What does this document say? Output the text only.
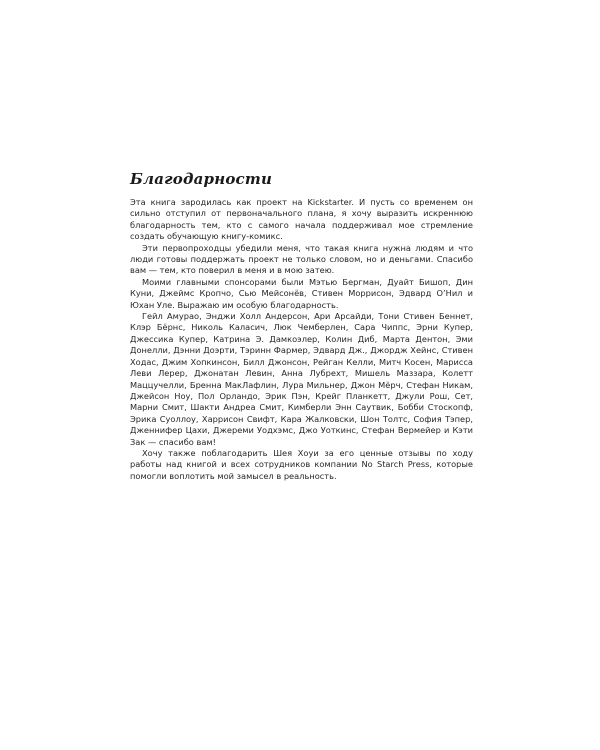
Благодарности

Эта книга зародилась как проект на Kickstarter. И пусть со временем он сильно отступил от первоначального плана, я хочу выразить искреннюю благодарность тем, кто с самого начала поддерживал мое стремление создать обучающую книгу-комикс.

Эти первопроходцы убедили меня, что такая книга нужна людям и что люди готовы поддержать проект не только словом, но и деньгами. Спасибо вам — тем, кто поверил в меня и в мою затею.

Моими главными спонсорами были Мэтью Бергман, Дуайт Бишоп, Дин Куни, Джеймс Кропчо, Сью Мейсонёв, Стивен Моррисон, Эдвард О’Нил и Юхан Уле. Выражаю им особую благодарность.

Гейл Амурао, Энджи Холл Андерсон, Ари Арсайди, Тони Стивен Беннет, Клэр Бёрнс, Николь Каласич, Люк Чемберлен, Сара Чиппс, Эрни Купер, Джессика Купер, Катрина Э. Дамкоэлер, Колин Диб, Марта Дентон, Эми Донелли, Дэнни Доэрти, Тэринн Фармер, Эдвард Дж., Джордж Хейнс, Стивен Ходас, Джим Хопкинсон, Билл Джонсон, Рейган Келли, Митч Косен, Марисса Леви Лерер, Джонатан Левин, Анна Лубрехт, Мишель Маззара, Колетт Маццучелли, Бренна МакЛафлин, Лура Мильнер, Джон Мёрч, Стефан Никам, Джейсон Ноу, Пол Орландо, Эрик Пэн, Крейг Планкетт, Джули Рош, Сет, Марни Смит, Шакти Андреа Смит, Кимберли Энн Саутвик, Бобби Стоскопф, Эрика Суоллоу, Харрисон Свифт, Кара Жалковски, Шон Толтс, София Тэпер, Дженнифер Цахи, Джереми Уодхэмс, Джо Уоткинс, Стефан Вермейер и Кэти Зак — спасибо вам!

Хочу также поблагодарить Шея Хоуи за его ценные отзывы по ходу работы над книгой и всех сотрудников компании No Starch Press, которые помогли воплотить мой замысел в реальность.
